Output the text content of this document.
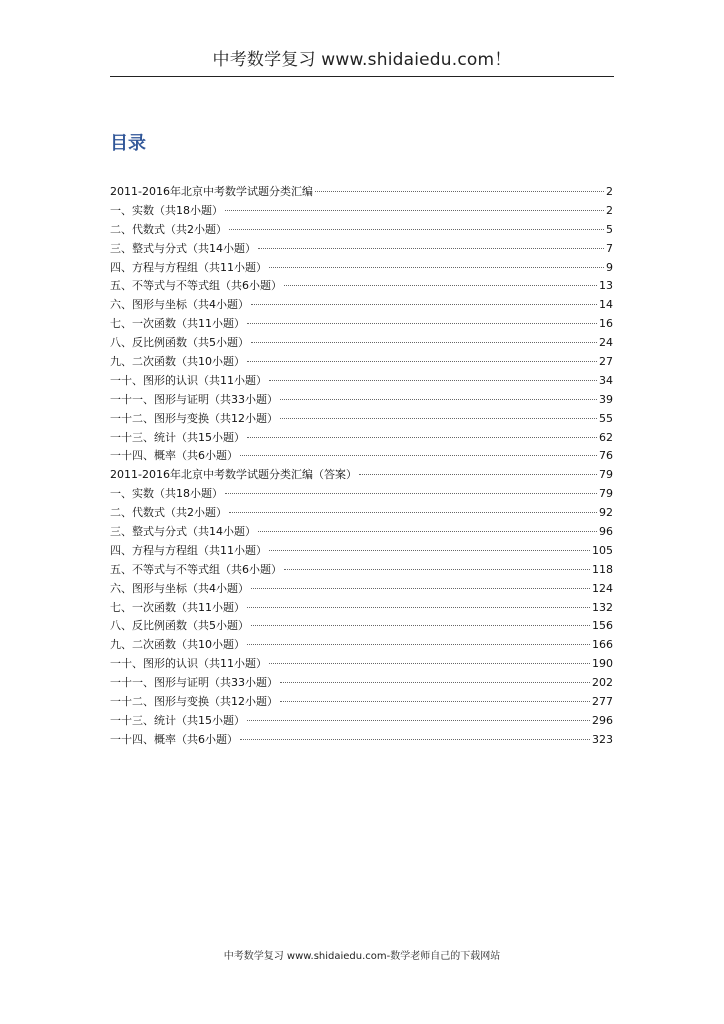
中考数学复习 www.shidaiedu.com！
目录
2011-2016年北京中考数学试题分类汇编	2
一、实数（共18小题）	2
二、代数式（共2小题）	5
三、整式与分式（共14小题）	7
四、方程与方程组（共11小题）	9
五、不等式与不等式组（共6小题）	13
六、图形与坐标（共4小题）	14
七、一次函数（共11小题）	16
八、反比例函数（共5小题）	24
九、二次函数（共10小题）	27
一十、图形的认识（共11小题）	34
一十一、图形与证明（共33小题）	39
一十二、图形与变换（共12小题）	55
一十三、统计（共15小题）	62
一十四、概率（共6小题）	76
2011-2016年北京中考数学试题分类汇编（答案）	79
一、实数（共18小题）	79
二、代数式（共2小题）	92
三、整式与分式（共14小题）	96
四、方程与方程组（共11小题）	105
五、不等式与不等式组（共6小题）	118
六、图形与坐标（共4小题）	124
七、一次函数（共11小题）	132
八、反比例函数（共5小题）	156
九、二次函数（共10小题）	166
一十、图形的认识（共11小题）	190
一十一、图形与证明（共33小题）	202
一十二、图形与变换（共12小题）	277
一十三、统计（共15小题）	296
一十四、概率（共6小题）	323
中考数学复习 www.shidaiedu.com-数学老师自己的下载网站
